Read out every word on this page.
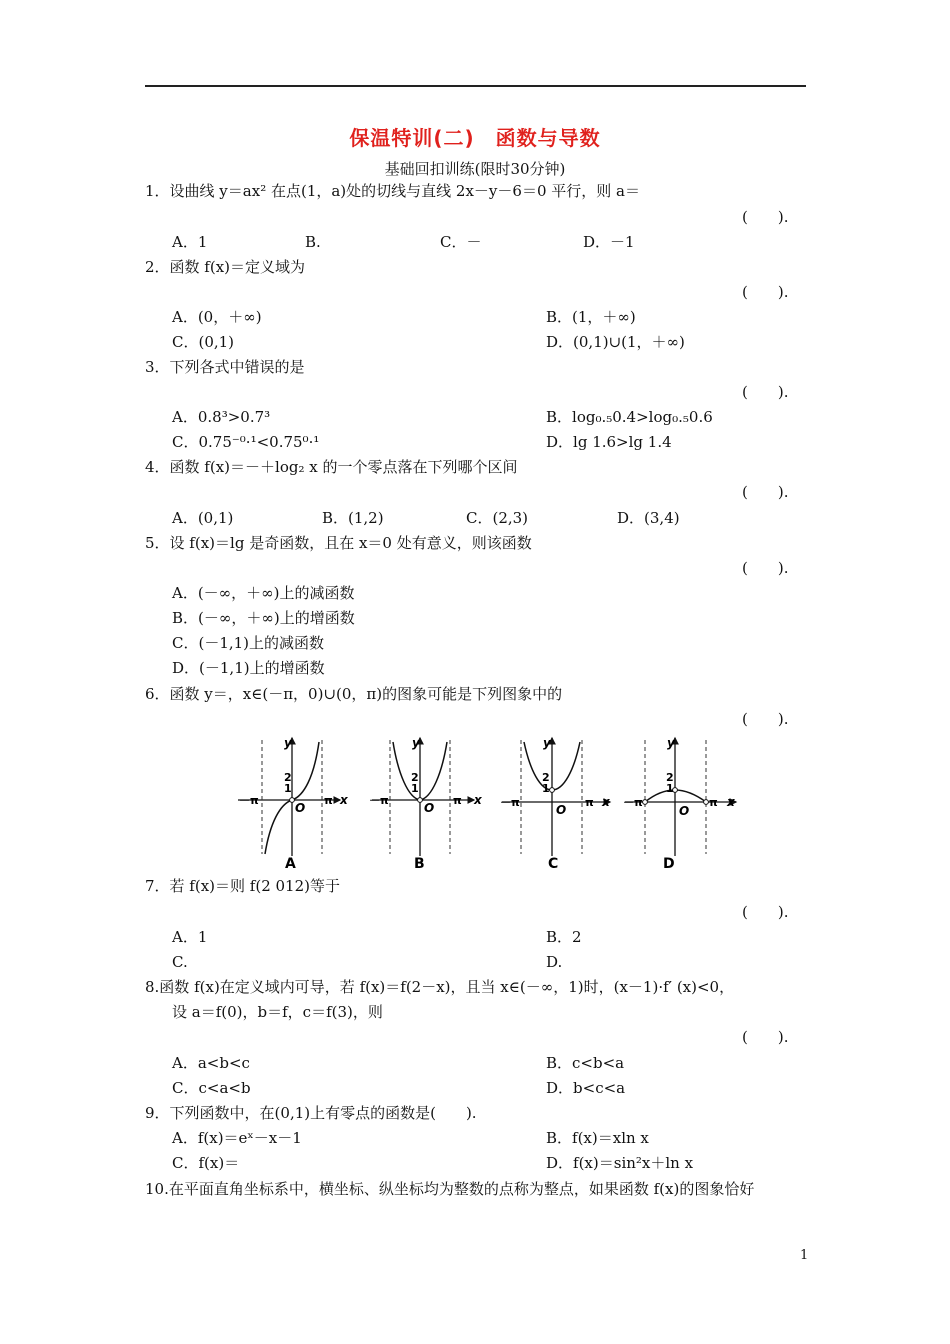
保温特训(二)　函数与导数
基础回扣训练(限时30分钟)
1．设曲线 y＝ax² 在点(1，a)处的切线与直线 2x－y－6＝0 平行，则 a＝
(　　).
A．1	B.	C．－	D．－1
2．函数 f(x)＝定义域为
(　　).
A．(0，＋∞)	B．(1，＋∞)
C．(0,1)	D．(0,1)∪(1，＋∞)
3．下列各式中错误的是
(　　).
A．0.8³>0.7³	B．log₀.₅0.4>log₀.₅0.6
C．0.75⁻⁰·¹<0.75⁰·¹	D．lg 1.6>lg 1.4
4．函数 f(x)＝－＋log₂ x 的一个零点落在下列哪个区间
(　　).
A．(0,1)	B．(1,2)	C．(2,3)	D．(3,4)
5．设 f(x)＝lg 是奇函数，且在 x＝0 处有意义，则该函数
(　　).
A．(－∞，＋∞)上的减函数
B．(－∞，＋∞)上的增函数
C．(－1,1)上的减函数
D．(－1,1)上的增函数
6．函数 y＝，x∈(－π，0)∪(0，π)的图象可能是下列图象中的
(　　).
y
2
1
O
－π	π x
A
y
2
1
O
－π	π x
B
y
2
1
O
－π	π x
C
y
2
1
O
－π	π x
D
7．若 f(x)＝则 f(2 012)等于
(　　).
A．1	B．2
C.	D.
8.函数 f(x)在定义域内可导，若 f(x)＝f(2－x)，且当 x∈(－∞，1)时，(x－1)·f′ (x)<0，
设 a＝f(0)，b＝f，c＝f(3)，则
(　　).
A．a<b<c	B．c<b<a
C．c<a<b	D．b<c<a
9．下列函数中，在(0,1)上有零点的函数是(　　).
A．f(x)＝eˣ－x－1	B．f(x)＝xln x
C．f(x)＝	D．f(x)＝sin²x＋ln x
10.在平面直角坐标系中，横坐标、纵坐标均为整数的点称为整点，如果函数 f(x)的图象恰好
1
